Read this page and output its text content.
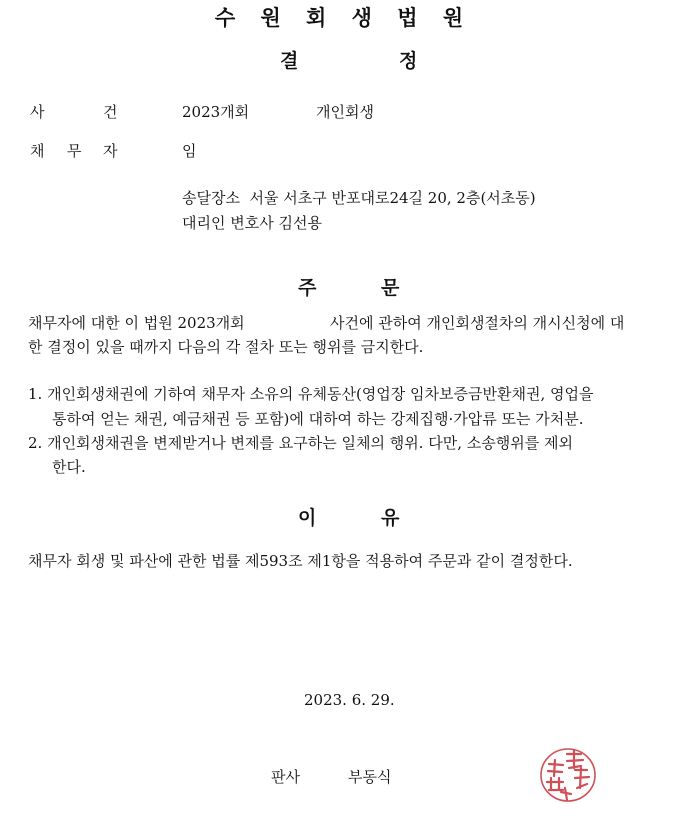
수 원 회 생 법 원
결	정
사	건	2023개회	개인회생
채 무 자	임
송달장소  서울 서초구 반포대로24길 20, 2층(서초동)
대리인 변호사 김선용
주	문
채무자에 대한 이 법원 2023개회	사건에 관하여 개인회생절차의 개시신청에 대
한 결정이 있을 때까지 다음의 각 절차 또는 행위를 금지한다.
1. 개인회생채권에 기하여 채무자 소유의 유체동산(영업장 임차보증금반환채권, 영업을
통하여 얻는 채권, 예금채권 등 포함)에 대하여 하는 강제집행·가압류 또는 가처분.
2. 개인회생채권을 변제받거나 변제를 요구하는 일체의 행위. 다만, 소송행위를 제외
한다.
이	유
채무자 회생 및 파산에 관한 법률 제593조 제1항을 적용하여 주문과 같이 결정한다.
2023. 6. 29.
판사	부동식
